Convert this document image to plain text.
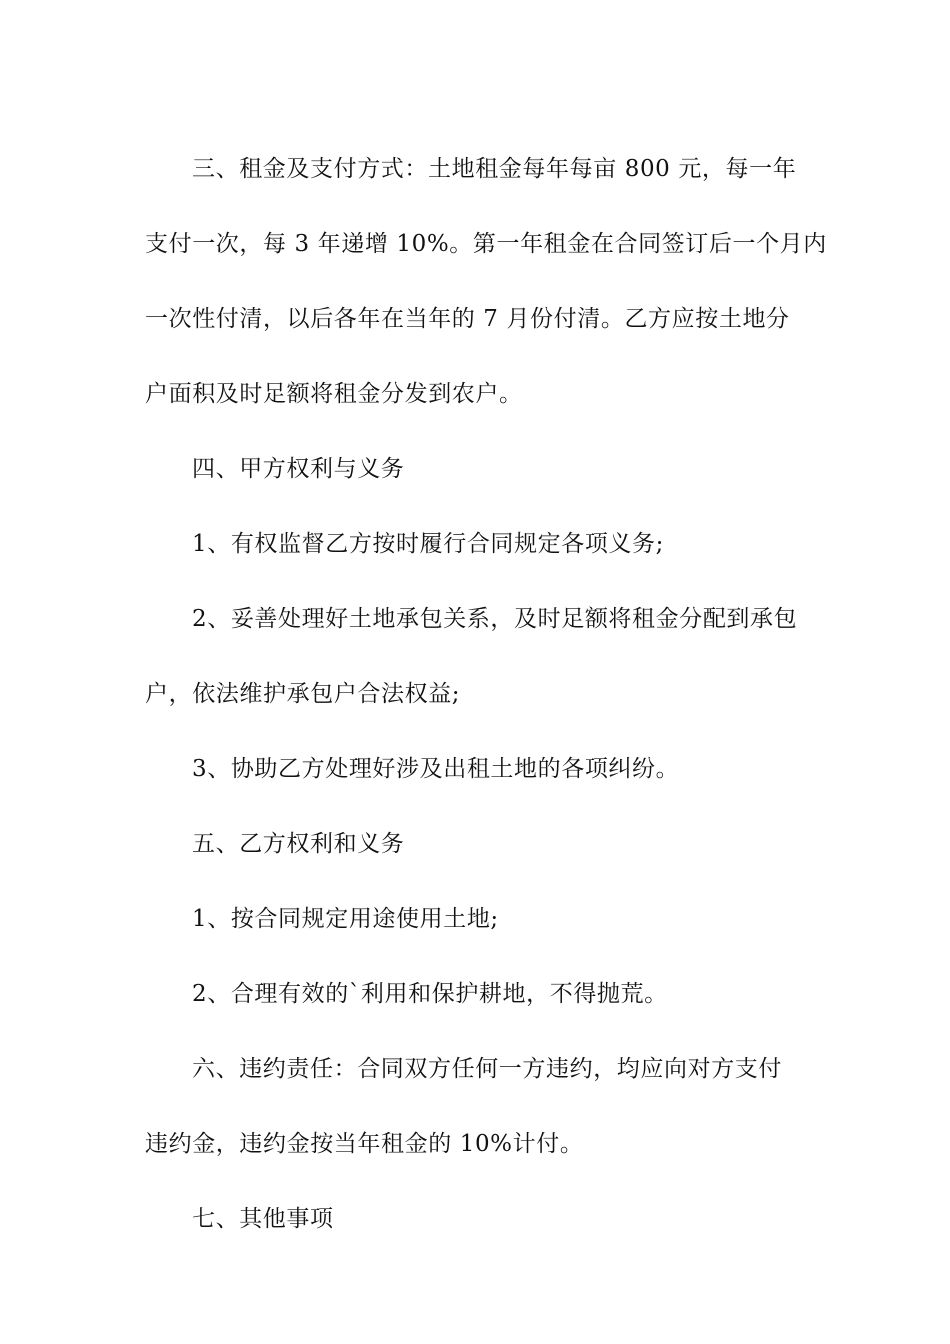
三、租金及支付方式：土地租金每年每亩 800 元，每一年
支付一次，每 3 年递增 10%。第一年租金在合同签订后一个月内
一次性付清，以后各年在当年的 7 月份付清。乙方应按土地分
户面积及时足额将租金分发到农户。

四、甲方权利与义务

1、有权监督乙方按时履行合同规定各项义务;

2、妥善处理好土地承包关系，及时足额将租金分配到承包
户，依法维护承包户合法权益;

3、协助乙方处理好涉及出租土地的各项纠纷。

五、乙方权利和义务

1、按合同规定用途使用土地;

2、合理有效的`利用和保护耕地，不得抛荒。

六、违约责任：合同双方任何一方违约，均应向对方支付
违约金，违约金按当年租金的 10%计付。

七、其他事项
